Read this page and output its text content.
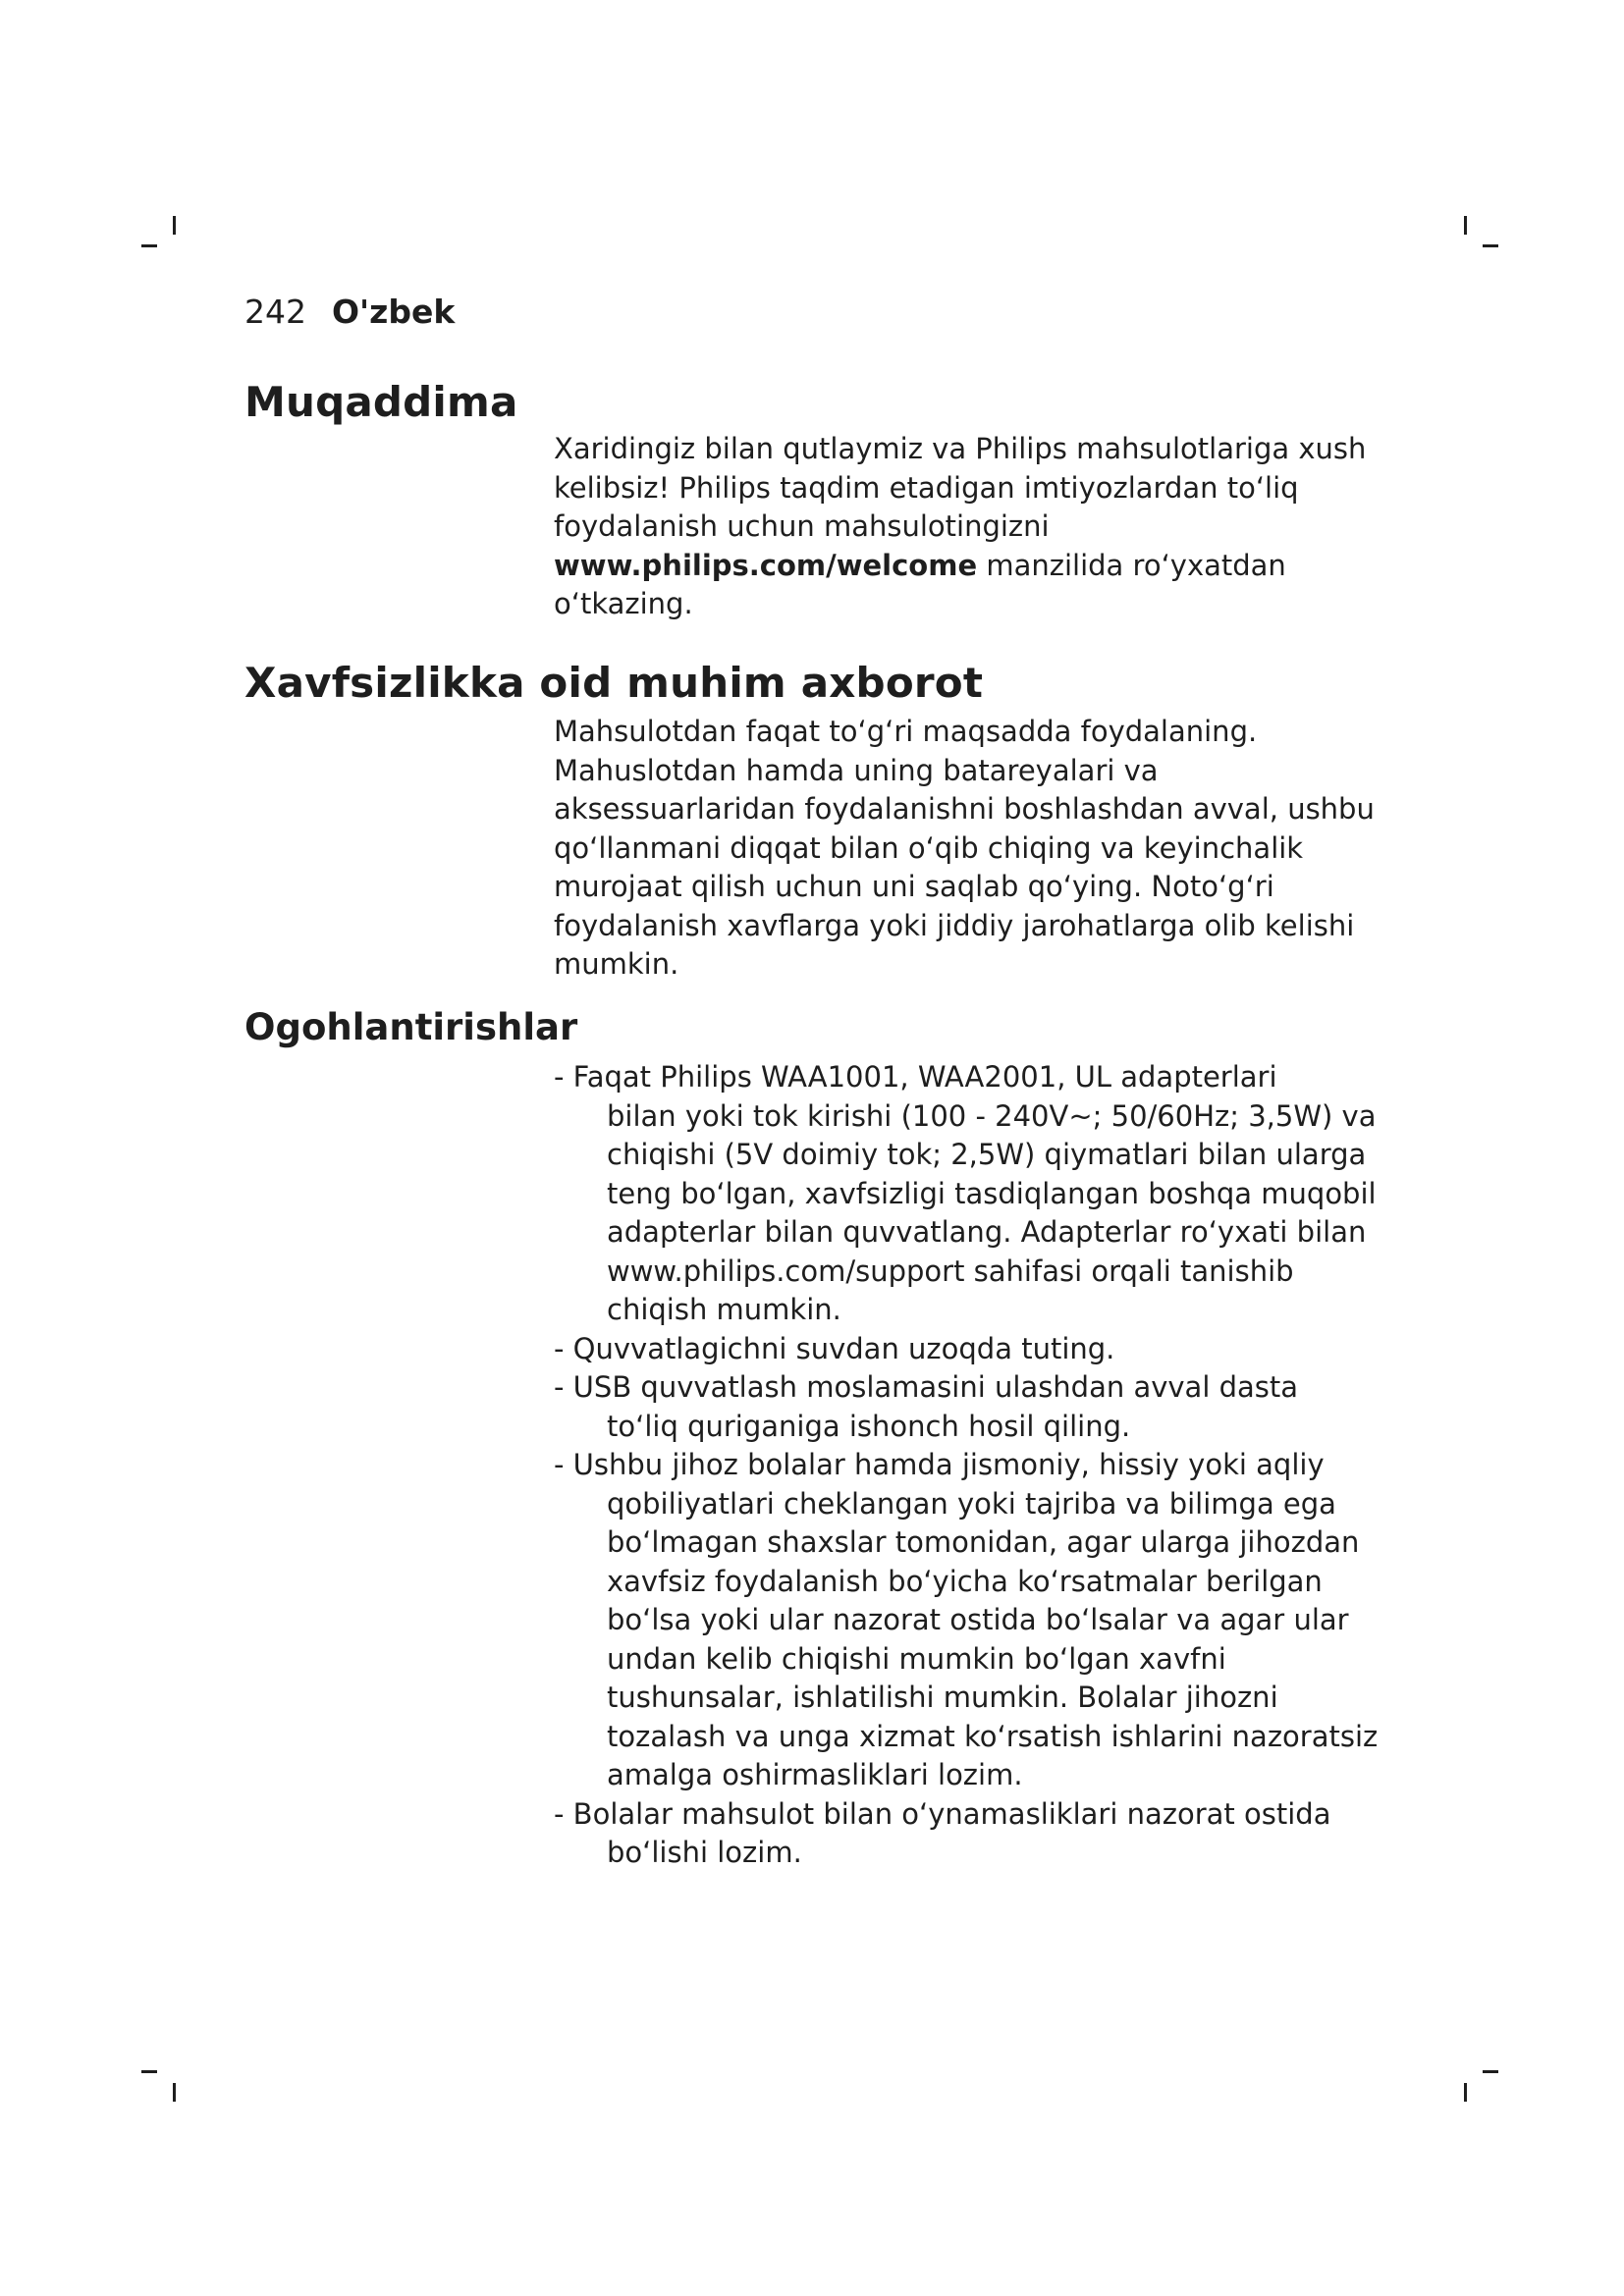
242 O'zbek
Muqaddima
Xaridingiz bilan qutlaymiz va Philips mahsulotlariga xush
kelibsiz! Philips taqdim etadigan imtiyozlardan to‘liq
foydalanish uchun mahsulotingizni
www.philips.com/welcome manzilida ro‘yxatdan
o‘tkazing.
Xavfsizlikka oid muhim axborot
Mahsulotdan faqat to‘g‘ri maqsadda foydalaning.
Mahuslotdan hamda uning batareyalari va
aksessuarlaridan foydalanishni boshlashdan avval, ushbu
qo‘llanmani diqqat bilan o‘qib chiqing va keyinchalik
murojaat qilish uchun uni saqlab qo‘ying. Noto‘g‘ri
foydalanish xavflarga yoki jiddiy jarohatlarga olib kelishi
mumkin.
Ogohlantirishlar
- Faqat Philips WAA1001, WAA2001, UL adapterlari
bilan yoki tok kirishi (100 - 240V~; 50/60Hz; 3,5W) va
chiqishi (5V doimiy tok; 2,5W) qiymatlari bilan ularga
teng bo‘lgan, xavfsizligi tasdiqlangan boshqa muqobil
adapterlar bilan quvvatlang. Adapterlar ro‘yxati bilan
www.philips.com/support sahifasi orqali tanishib
chiqish mumkin.
- Quvvatlagichni suvdan uzoqda tuting.
- USB quvvatlash moslamasini ulashdan avval dasta
to‘liq quriganiga ishonch hosil qiling.
- Ushbu jihoz bolalar hamda jismoniy, hissiy yoki aqliy
qobiliyatlari cheklangan yoki tajriba va bilimga ega
bo‘lmagan shaxslar tomonidan, agar ularga jihozdan
xavfsiz foydalanish bo‘yicha ko‘rsatmalar berilgan
bo‘lsa yoki ular nazorat ostida bo‘lsalar va agar ular
undan kelib chiqishi mumkin bo‘lgan xavfni
tushunsalar, ishlatilishi mumkin. Bolalar jihozni
tozalash va unga xizmat ko‘rsatish ishlarini nazoratsiz
amalga oshirmasliklari lozim.
- Bolalar mahsulot bilan o‘ynamasliklari nazorat ostida
bo‘lishi lozim.
